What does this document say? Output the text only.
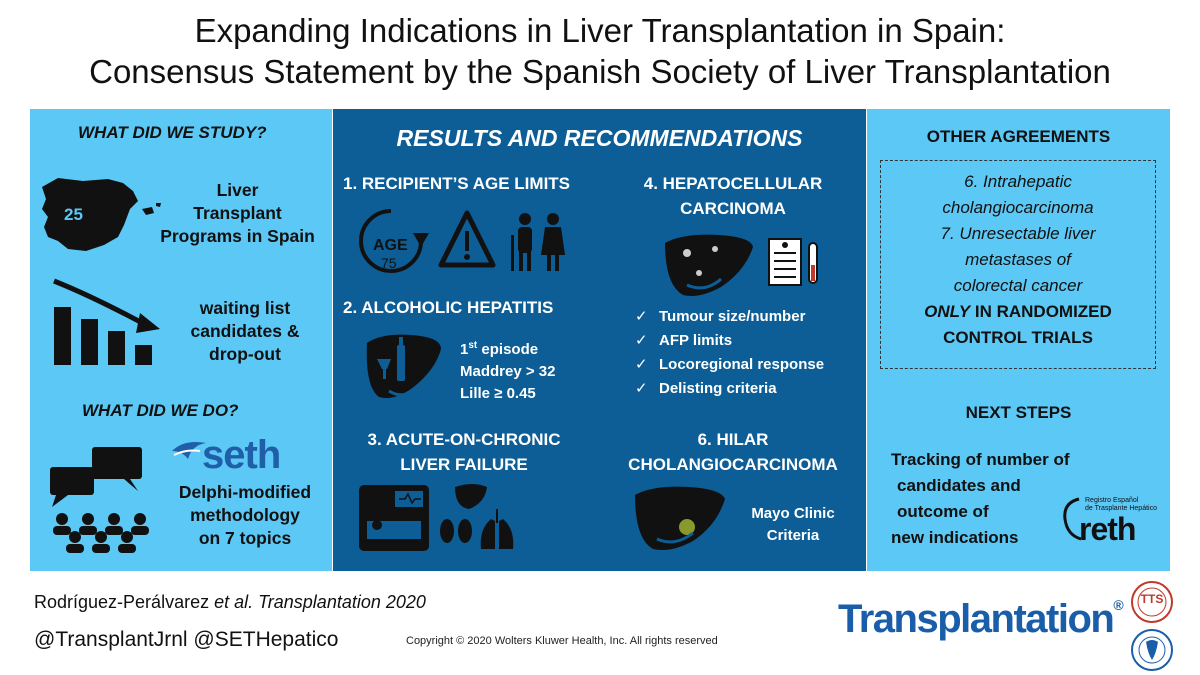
Expanding Indications in Liver Transplantation in Spain:
Consensus Statement by the Spanish Society of Liver Transplantation
WHAT DID WE STUDY?
25
Liver
Transplant
Programs in Spain
waiting list
candidates &
drop-out
WHAT DID WE DO?
seth
Delphi-modified
methodology
on 7 topics
RESULTS AND RECOMMENDATIONS
1. RECIPIENT’S AGE LIMITS
AGE
75
2. ALCOHOLIC HEPATITIS
1st episode
Maddrey > 32
Lille ≥ 0.45
3. ACUTE-ON-CHRONIC
LIVER FAILURE
4. HEPATOCELLULAR
CARCINOMA
✓ Tumour size/number
✓ AFP limits
✓ Locoregional response
✓ Delisting criteria
6. HILAR
CHOLANGIOCARCINOMA
Mayo Clinic
Criteria
OTHER AGREEMENTS
6. Intrahepatic
cholangiocarcinoma
7. Unresectable liver
metastases of
colorectal cancer
ONLY IN RANDOMIZED
CONTROL TRIALS
NEXT STEPS
Tracking of number of
candidates and
outcome of
new indications
Registro Español
de Trasplante Hepático
reth
Rodríguez-Perálvarez et al. Transplantation 2020
@TransplantJrnl @SETHepatico	Copyright © 2020 Wolters Kluwer Health, Inc. All rights reserved	Transplantation®	TTS
